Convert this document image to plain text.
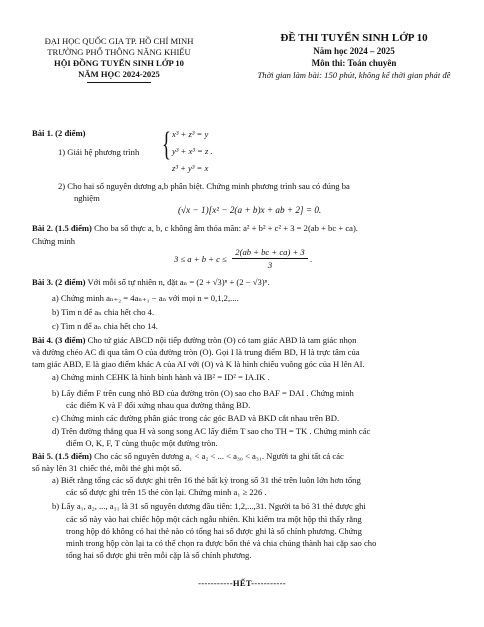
ĐẠI HỌC QUỐC GIA TP. HỒ CHÍ MINH
TRƯỜNG PHỔ THÔNG NĂNG KHIẾU
HỘI ĐỒNG TUYỂN SINH LỚP 10
NĂM HỌC 2024-2025
ĐỀ THI TUYỂN SINH LỚP 10
Năm học 2024 – 2025
Môn thi: Toán chuyên
Thời gian làm bài: 150 phút, không kể thời gian phát đề
Bài 1. (2 điểm)
1) Giải hệ phương trình { x³ + z³ = y
y³ + x³ = z .
z³ + y³ = x
2) Cho hai số nguyên dương a,b phân biệt. Chứng minh phương trình sau có đúng ba
nghiệm
(√x − 1)[x² − 2(a + b)x + ab + 2] = 0.
Bài 2. (1.5 điểm) Cho ba số thực a, b, c không âm thỏa mãn: a² + b² + c² + 3 = 2(ab + bc + ca).
Chứng minh
3 ≤ a + b + c ≤
2(ab + bc + ca) + 3
3
.
Bài 3. (2 điểm) Với mỗi số tự nhiên n, đặt aₙ = (2 + √3)ⁿ + (2 − √3)ⁿ.
a) Chứng minh aₙ₊₂ = 4aₙ₊₁ − aₙ với mọi n = 0,1,2,....
b) Tìm n để aₙ chia hết cho 4.
c) Tìm n để aₙ chia hết cho 14.
Bài 4. (3 điểm) Cho tứ giác ABCD nội tiếp đường tròn (O) có tam giác ABD là tam giác nhọn
và đường chéo AC đi qua tâm O của đường tròn (O). Gọi I là trung điểm BD, H là trực tâm của
tam giác ABD, E là giao điểm khác A của AI với (O) và K là hình chiếu vuông góc của H lên AI.
a) Chứng minh CEHK là hình bình hành và IB² = ID² = IA.IK .
b) Lấy điểm F trên cung nhỏ BD của đường tròn (O) sao cho BAF = DAI . Chứng minh
các điểm K và F đối xứng nhau qua đường thẳng BD.
c) Chứng minh các đường phân giác trong các góc BAD và BKD cắt nhau trên BD.
d) Trên đường thẳng qua H và song song AC lấy điểm T sao cho TH = TK . Chứng minh các
điểm O, K, F, T cùng thuộc một đường tròn.
Bài 5. (1.5 điểm) Cho các số nguyên dương a₁ < a₂ < ... < a₃₀ < a₃₁. Người ta ghi tất cả các
số này lên 31 chiếc thẻ, mỗi thẻ ghi một số.
a) Biết rằng tổng các số được ghi trên 16 thẻ bất kỳ trong số 31 thẻ trên luôn lớn hơn tổng
các số được ghi trên 15 thẻ còn lại. Chứng minh a₁ ≥ 226 .
b) Lấy a₁, a₂, ..., a₃₁ là 31 số nguyên dương đầu tiên: 1,2,...,31. Người ta bỏ 31 thẻ được ghi
các số này vào hai chiếc hộp một cách ngẫu nhiên. Khi kiểm tra một hộp thì thấy rằng
trong hộp đó không có hai thẻ nào có tổng hai số được ghi là số chính phương. Chứng
minh trong hộp còn lại ta có thể chọn ra được bốn thẻ và chia chúng thành hai cặp sao cho
tổng hai số được ghi trên mỗi cặp là số chính phương.
-----------HẾT-----------
